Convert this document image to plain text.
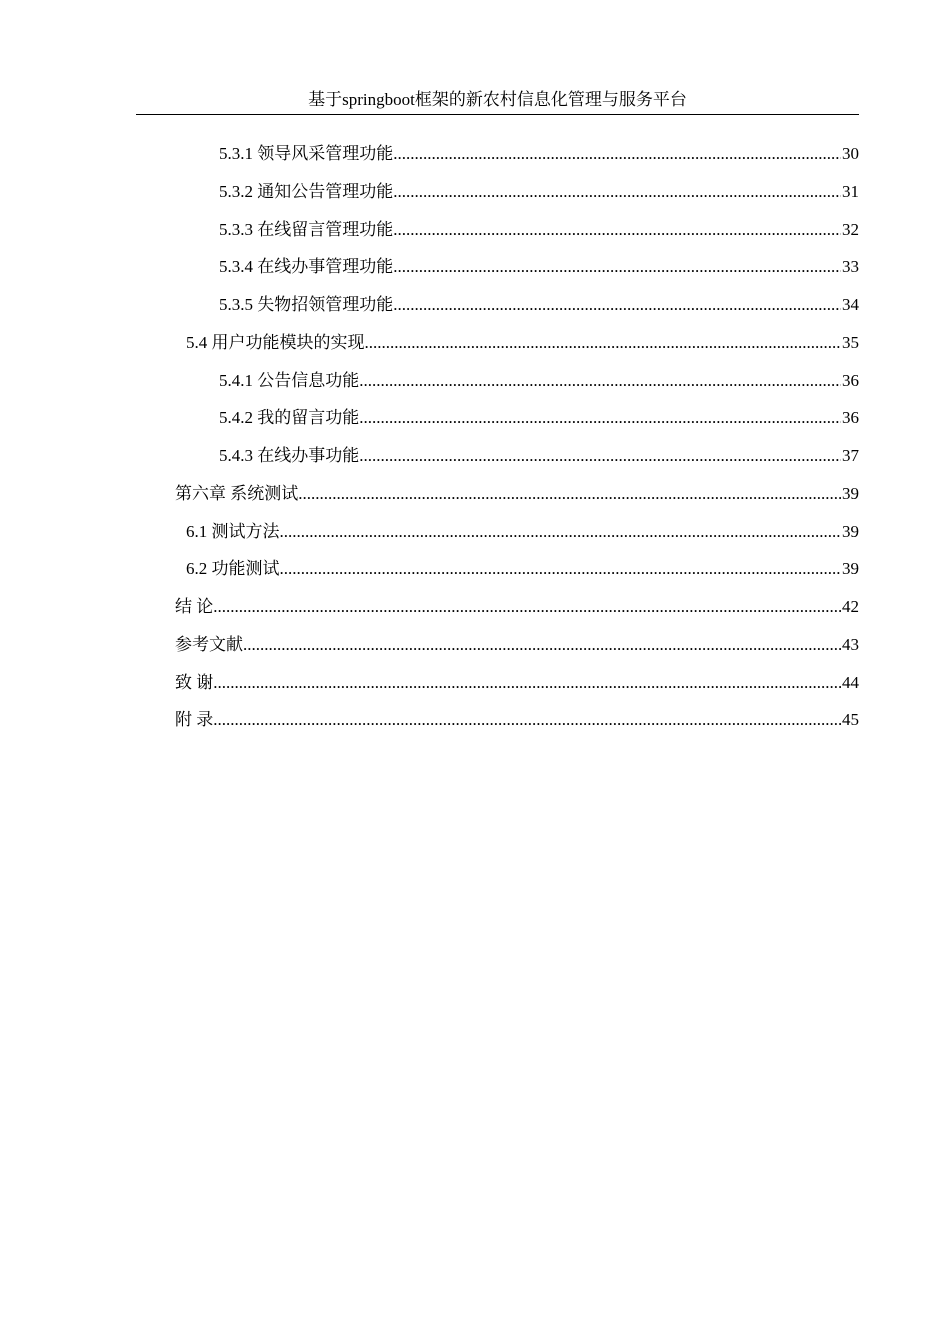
基于springboot框架的新农村信息化管理与服务平台
5.3.1 领导风采管理功能 .....	30
5.3.2 通知公告管理功能 .....	31
5.3.3 在线留言管理功能 .....	32
5.3.4 在线办事管理功能 .....	33
5.3.5 失物招领管理功能 .....	34
5.4 用户功能模块的实现 .....	35
5.4.1 公告信息功能 .....	36
5.4.2 我的留言功能 .....	36
5.4.3 在线办事功能 .....	37
第六章 系统测试 .....	39
6.1 测试方法 .....	39
6.2 功能测试 .....	39
结 论 .....	42
参考文献 .....	43
致 谢 .....	44
附 录 .....	45
